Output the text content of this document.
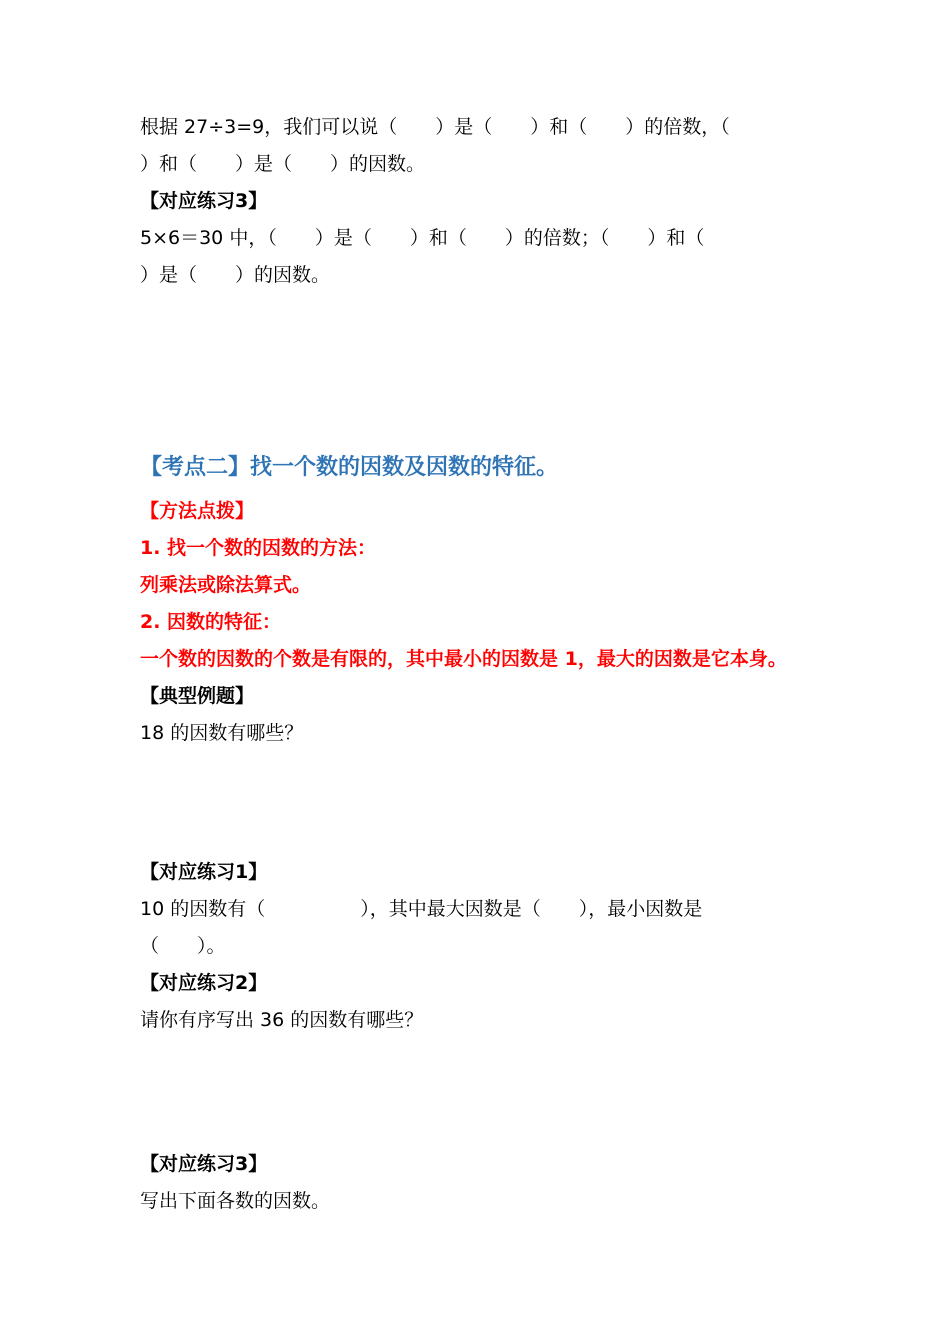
根据 27÷3=9，我们可以说（　　）是（　　）和（　　）的倍数，（

）和（　　）是（　　）的因数。

【对应练习3】

5×6＝30 中，（　　）是（　　）和（　　）的倍数；（　　）和（

）是（　　）的因数。

【考点二】找一个数的因数及因数的特征。

【方法点拨】

1. 找一个数的因数的方法：

列乘法或除法算式。

2. 因数的特征：

一个数的因数的个数是有限的，其中最小的因数是 1，最大的因数是它本身。

【典型例题】

18 的因数有哪些？

【对应练习1】

10 的因数有（　　　　　），其中最大因数是（　　），最小因数是

（　　）。

【对应练习2】

请你有序写出 36 的因数有哪些？

【对应练习3】

写出下面各数的因数。
